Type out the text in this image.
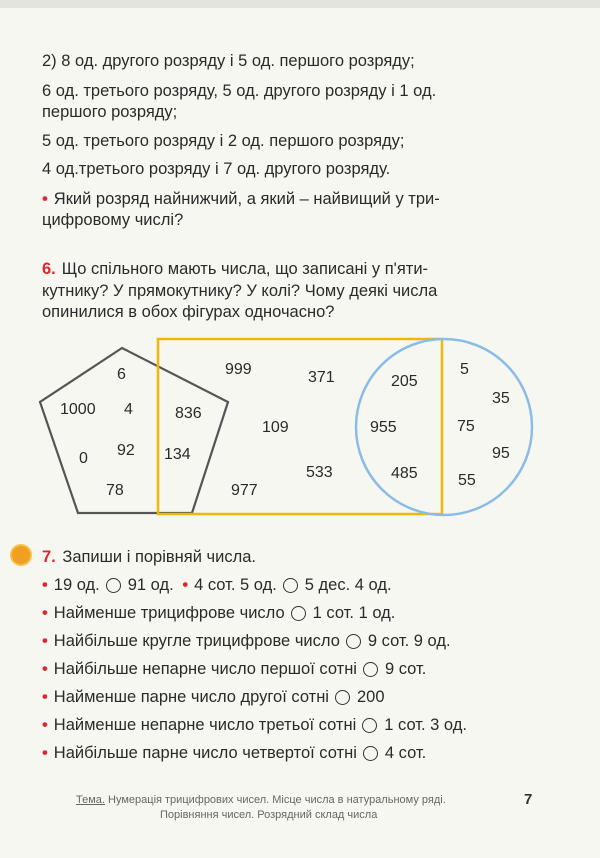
2) 8 од. другого розряду і 5 од. першого розряду;
6 од. третього розряду, 5 од. другого розряду і 1 од.
першого розряду;
5 од. третього розряду і 2 од. першого розряду;
4 од.третього розряду і 7 од. другого розряду.
• Який розряд найнижчий, а який – найвищий у три-
цифровому числі?
6. Що спільного мають числа, що записані у п'яти-
кутнику? У прямокутнику? У колі? Чому деякі числа
опинилися в обох фігурах одночасно?
6
1000 4
0 92
78
836
134
999	371
109
533
977
205
955
485
5
35
75
95
55
7. Запиши і порівняй числа.
• 19 од. 91 од. • 4 сот. 5 од. 5 дес. 4 од.
• Найменше трицифрове число 1 сот. 1 од.
• Найбільше кругле трицифрове число 9 сот. 9 од.
• Найбільше непарне число першої сотні 9 сот.
• Найменше парне число другої сотні 200
• Найменше непарне число третьої сотні 1 сот. 3 од.
• Найбільше парне число четвертої сотні 4 сот.
Тема. Нумерація трицифрових чисел. Місце числа в натуральному ряді.
Порівняння чисел. Розрядний склад числа
7
